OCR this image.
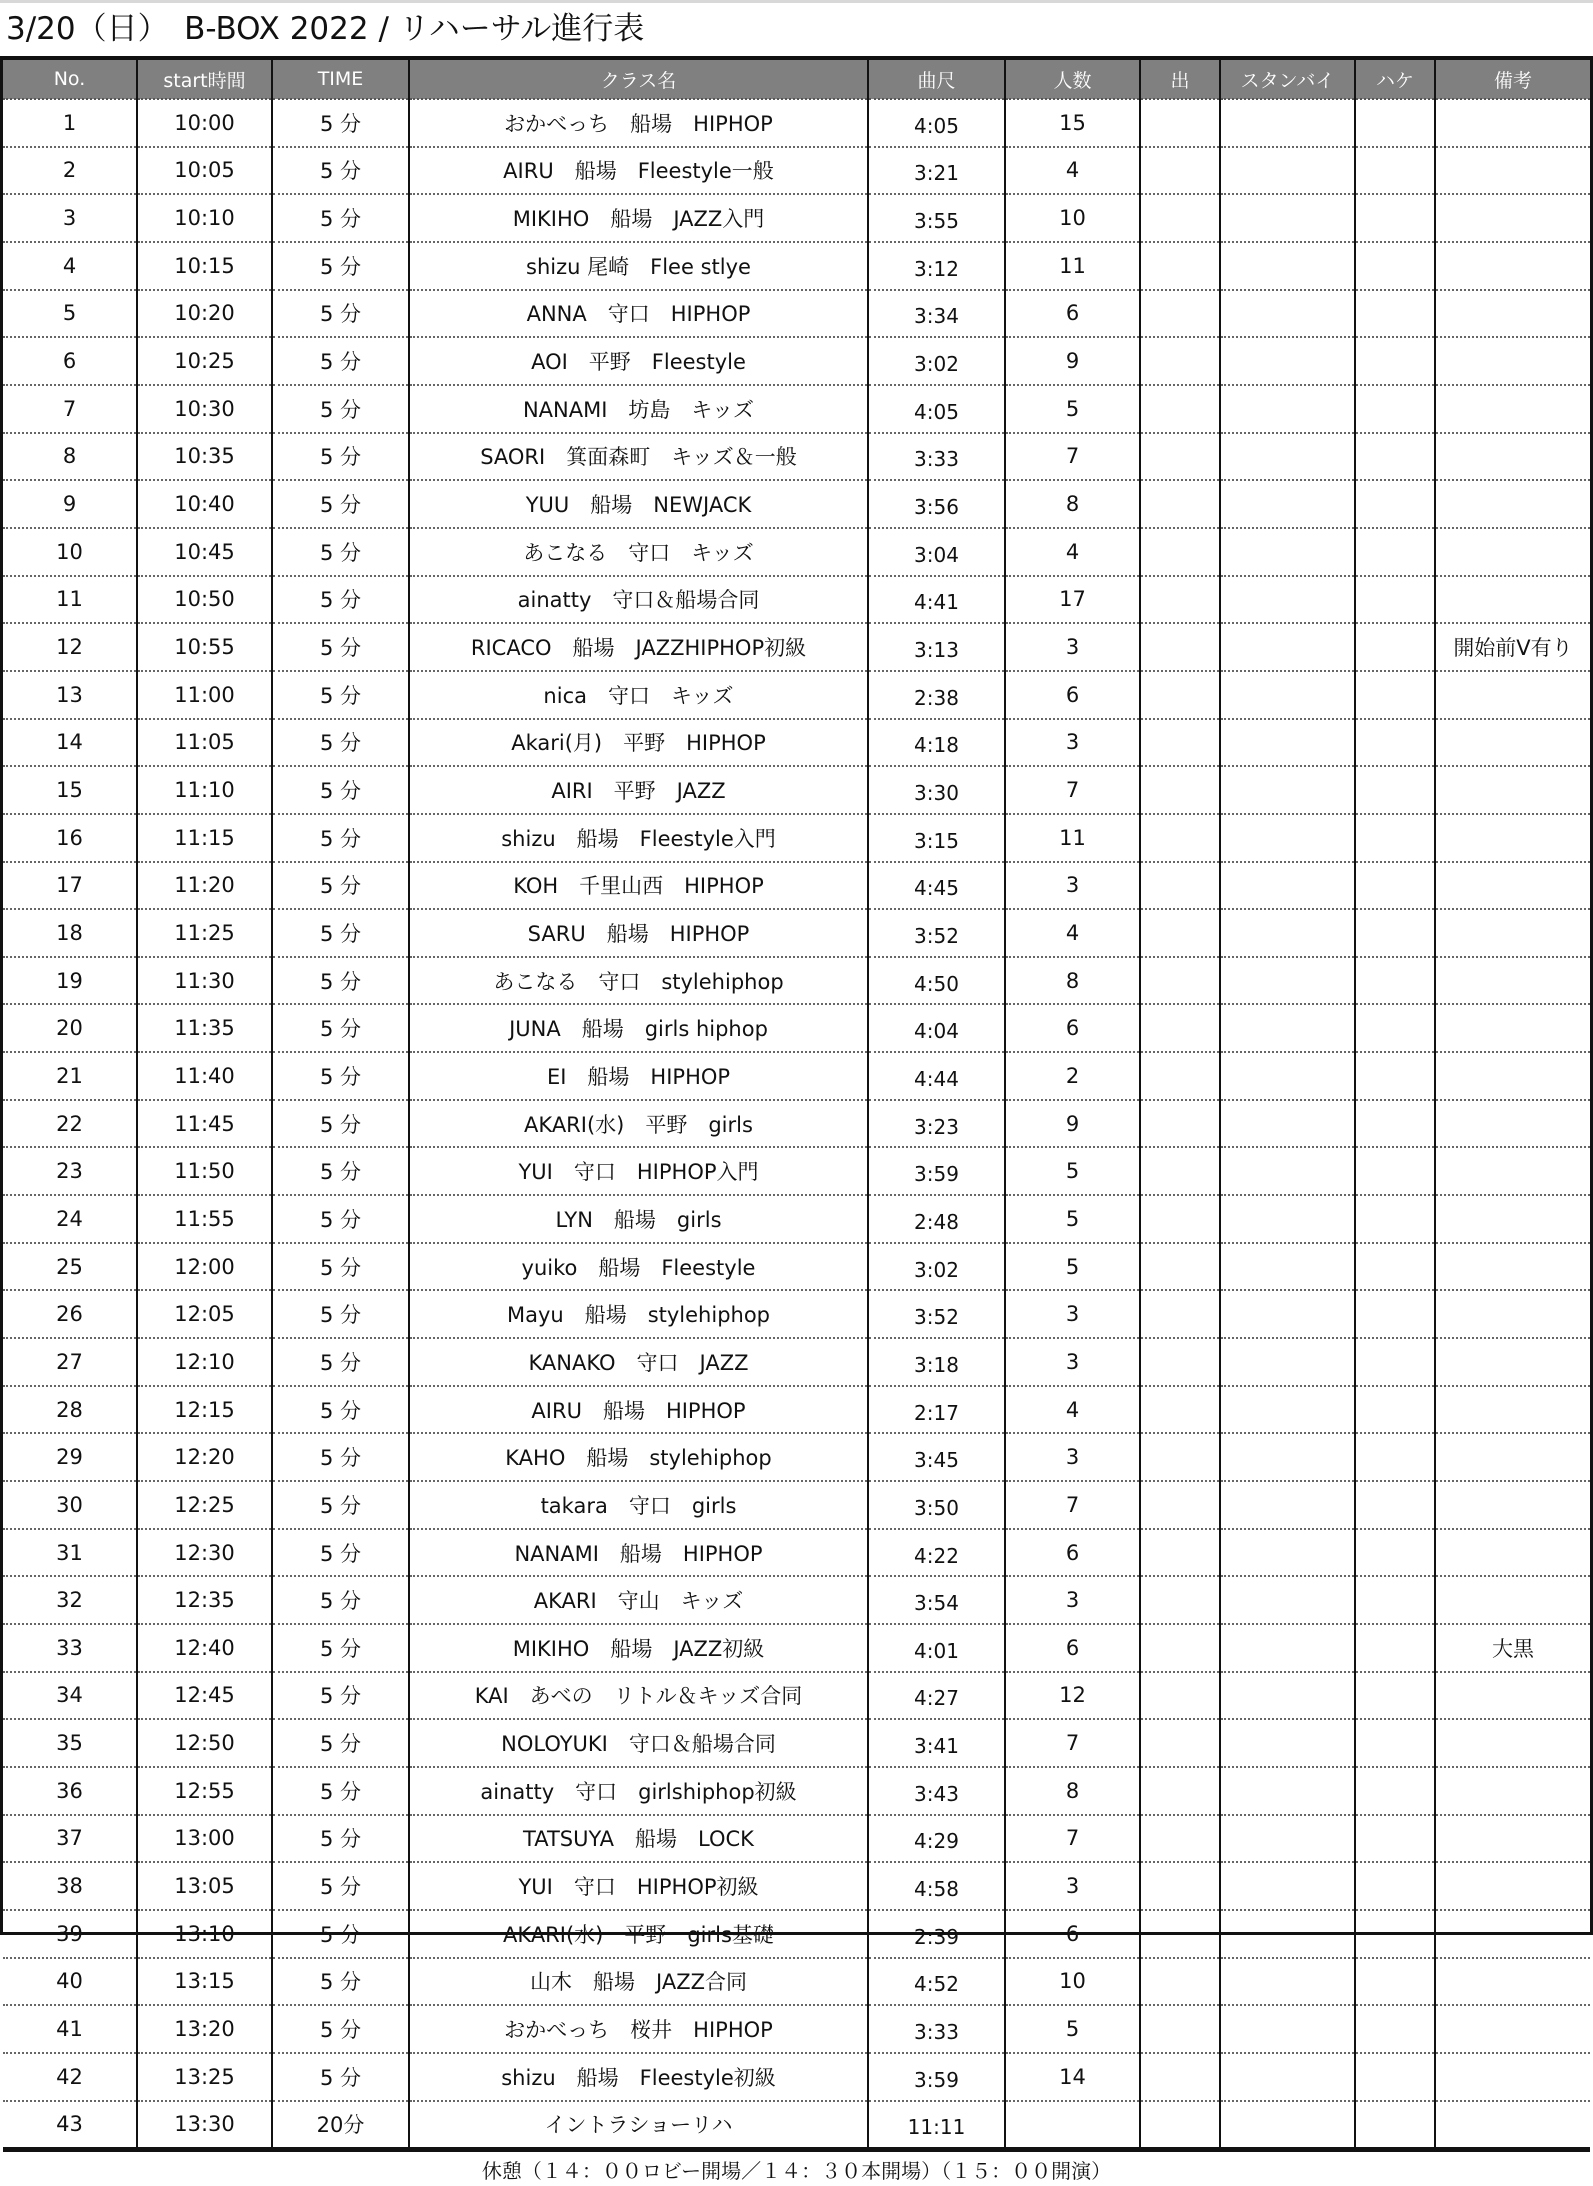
3/20（日）　B-BOX 2022 / リハーサル進行表
No.	start時間	TIME	クラス名	曲尺	人数	出	スタンバイ	ハケ	備考
1	10:00	5 分	おかべっち　船場　HIPHOP	4:05	15				
2	10:05	5 分	AIRU　船場　Fleestyle一般	3:21	4				
3	10:10	5 分	MIKIHO　船場　JAZZ入門	3:55	10				
4	10:15	5 分	shizu 尾崎　Flee stlye	3:12	11				
5	10:20	5 分	ANNA　守口　HIPHOP	3:34	6				
6	10:25	5 分	AOI　平野　Fleestyle	3:02	9				
7	10:30	5 分	NANAMI　坊島　キッズ	4:05	5				
8	10:35	5 分	SAORI　箕面森町　キッズ＆一般	3:33	7				
9	10:40	5 分	YUU　船場　NEWJACK	3:56	8				
10	10:45	5 分	あこなる　守口　キッズ	3:04	4				
11	10:50	5 分	ainatty　守口＆船場合同	4:41	17				
12	10:55	5 分	RICACO　船場　JAZZHIPHOP初級	3:13	3				開始前V有り
13	11:00	5 分	nica　守口　キッズ	2:38	6				
14	11:05	5 分	Akari(月)　平野　HIPHOP	4:18	3				
15	11:10	5 分	AIRI　平野　JAZZ	3:30	7				
16	11:15	5 分	shizu　船場　Fleestyle入門	3:15	11				
17	11:20	5 分	KOH　千里山西　HIPHOP	4:45	3				
18	11:25	5 分	SARU　船場　HIPHOP	3:52	4				
19	11:30	5 分	あこなる　守口　stylehiphop	4:50	8				
20	11:35	5 分	JUNA　船場　girls hiphop	4:04	6				
21	11:40	5 分	EI　船場　HIPHOP	4:44	2				
22	11:45	5 分	AKARI(水)　平野　girls	3:23	9				
23	11:50	5 分	YUI　守口　HIPHOP入門	3:59	5				
24	11:55	5 分	LYN　船場　girls	2:48	5				
25	12:00	5 分	yuiko　船場　Fleestyle	3:02	5				
26	12:05	5 分	Mayu　船場　stylehiphop	3:52	3				
27	12:10	5 分	KANAKO　守口　JAZZ	3:18	3				
28	12:15	5 分	AIRU　船場　HIPHOP	2:17	4				
29	12:20	5 分	KAHO　船場　stylehiphop	3:45	3				
30	12:25	5 分	takara　守口　girls	3:50	7				
31	12:30	5 分	NANAMI　船場　HIPHOP	4:22	6				
32	12:35	5 分	AKARI　守山　キッズ	3:54	3				
33	12:40	5 分	MIKIHO　船場　JAZZ初級	4:01	6				大黒
34	12:45	5 分	KAI　あべの　リトル＆キッズ合同	4:27	12				
35	12:50	5 分	NOLOYUKI　守口＆船場合同	3:41	7				
36	12:55	5 分	ainatty　守口　girlshiphop初級	3:43	8				
37	13:00	5 分	TATSUYA　船場　LOCK	4:29	7				
38	13:05	5 分	YUI　守口　HIPHOP初級	4:58	3				
39	13:10	5 分	AKARI(水)　平野　girls基礎	2:39	6				
40	13:15	5 分	山木　船場　JAZZ合同	4:52	10				
41	13:20	5 分	おかべっち　桜井　HIPHOP	3:33	5				
42	13:25	5 分	shizu　船場　Fleestyle初級	3:59	14				
43	13:30	20分	イントラショーリハ	11:11					
休憩（１４：００ロビー開場／１４：３０本開場）（１５：００開演）									
